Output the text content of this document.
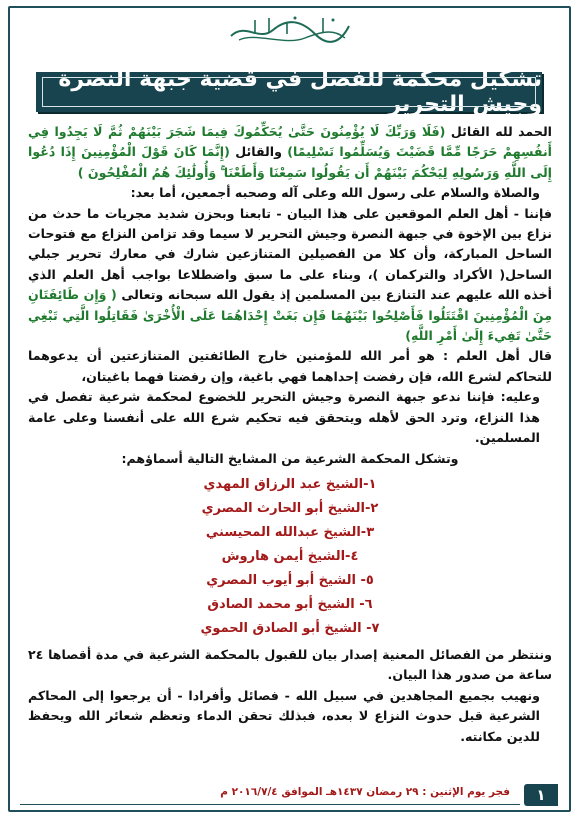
تشكيل محكمة للفصل في قضية جبهة النصرة وجيش التحرير

الحمد لله القائل (فَلَا وَرَبِّكَ لَا يُؤْمِنُونَ حَتَّىٰ يُحَكِّمُوكَ فِيمَا شَجَرَ بَيْنَهُمْ ثُمَّ لَا يَجِدُوا فِي أَنفُسِهِمْ حَرَجًا مِّمَّا قَضَيْتَ وَيُسَلِّمُوا تَسْلِيمًا) والقائل (إِنَّمَا كَانَ قَوْلَ الْمُؤْمِنِينَ إِذَا دُعُوا إِلَى اللَّهِ وَرَسُولِهِ لِيَحْكُمَ بَيْنَهُمْ أَن يَقُولُوا سَمِعْنَا وَأَطَعْنَا ۚ وَأُولَٰئِكَ هُمُ الْمُفْلِحُونَ )

والصلاة والسلام على رسول الله وعلى آله وصحبه أجمعين، أما بعد:

فإننا - أهل العلم الموقعين على هذا البيان - تابعنا وبحزن شديد مجريات ما حدث من نزاع بين الإخوة في جبهة النصرة وجيش التحرير لا سيما وقد تزامن النزاع مع فتوحات الساحل المباركة، وأن كلا من الفصيلين المتنازعين شارك في معارك تحرير جبلي الساحل( الأكراد والتركمان )، وبناء على ما سبق واضطلاعا بواجب أهل العلم الذي أخذه الله عليهم عند التنازع بين المسلمين إذ يقول الله سبحانه وتعالى ( وَإِن طَائِفَتَانِ مِنَ الْمُؤْمِنِينَ اقْتَتَلُوا فَأَصْلِحُوا بَيْنَهُمَا فَإِن بَغَتْ إِحْدَاهُمَا عَلَى الْأُخْرَىٰ فَقَاتِلُوا الَّتِي تَبْغِي حَتَّىٰ تَفِيءَ إِلَىٰ أَمْرِ اللَّهِ)

قال أهل العلم : هو أمر الله للمؤمنين خارج الطائفتين المتنازعتين أن يدعوهما للتحاكم لشرع الله، فإن رفضت إحداهما فهي باغية، وإن رفضتا فهما باغيتان،

وعليه: فإننا ندعو جبهة النصرة وجيش التحرير للخضوع لمحكمة شرعية تفصل في هذا النزاع، وترد الحق لأهله ويتحقق فيه تحكيم شرع الله على أنفسنا وعلى عامة المسلمين.

وتشكل المحكمة الشرعية من المشايخ التالية أسماؤهم:

١-الشيخ عبد الرزاق المهدي
٢-الشيخ أبو الحارث المصري
٣-الشيخ عبدالله المحيسني
٤-الشيخ أيمن هاروش
٥- الشيخ أبو أيوب المصري
٦- الشيخ أبو محمد الصادق
٧- الشيخ أبو الصادق الحموي

وننتظر من الفصائل المعنية إصدار بيان للقبول بالمحكمة الشرعية في مدة أقصاها ٢٤ ساعة من صدور هذا البيان.

ونهيب بجميع المجاهدين في سبيل الله - فصائل وأفرادا - أن يرجعوا إلى المحاكم الشرعية قبل حدوث النزاع لا بعده، فبذلك تحقن الدماء وتعظم شعائر الله ويحفظ للدين مكانته.

فجر يوم الإثنين : ٢٩ رمضان ١٤٣٧هـ الموافق ٢٠١٦/٧/٤ م	١
